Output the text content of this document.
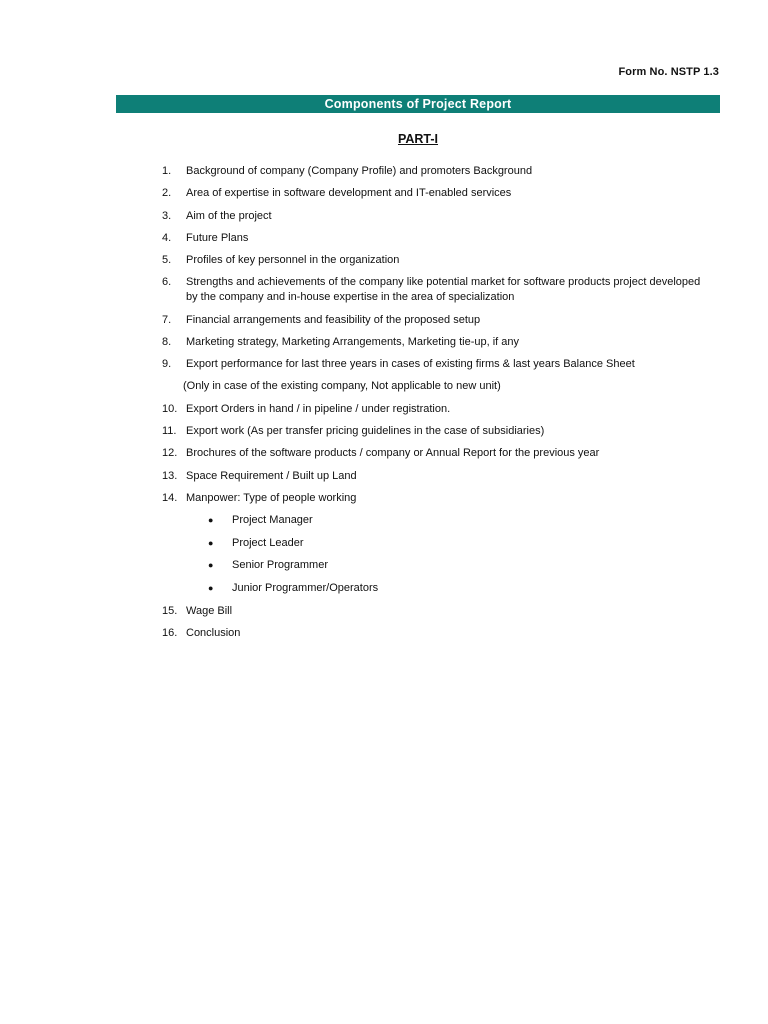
Form No. NSTP 1.3
Components of Project Report
PART-I
1.	Background of company (Company Profile) and promoters Background
2.	Area of expertise in software development and IT-enabled services
3.	Aim of the project
4.	Future Plans
5.	Profiles of key personnel in the organization
6.	Strengths and achievements of the company like potential market for software products project developed by the company and in-house expertise in the area of specialization
7.	Financial arrangements and feasibility of the proposed setup
8.	Marketing strategy, Marketing Arrangements, Marketing tie-up, if any
9.	Export performance for last three years in cases of existing firms & last years Balance Sheet
(Only in case of the existing company, Not applicable to new unit)
10. Export Orders in hand / in pipeline / under registration.
11. Export work (As per transfer pricing guidelines in the case of subsidiaries)
12. Brochures of the software products / company or Annual Report for the previous year
13. Space Requirement / Built up Land
14. Manpower: Type of people working
●	Project Manager
●	Project Leader
●	Senior Programmer
●	Junior Programmer/Operators
15. Wage Bill
16. Conclusion
